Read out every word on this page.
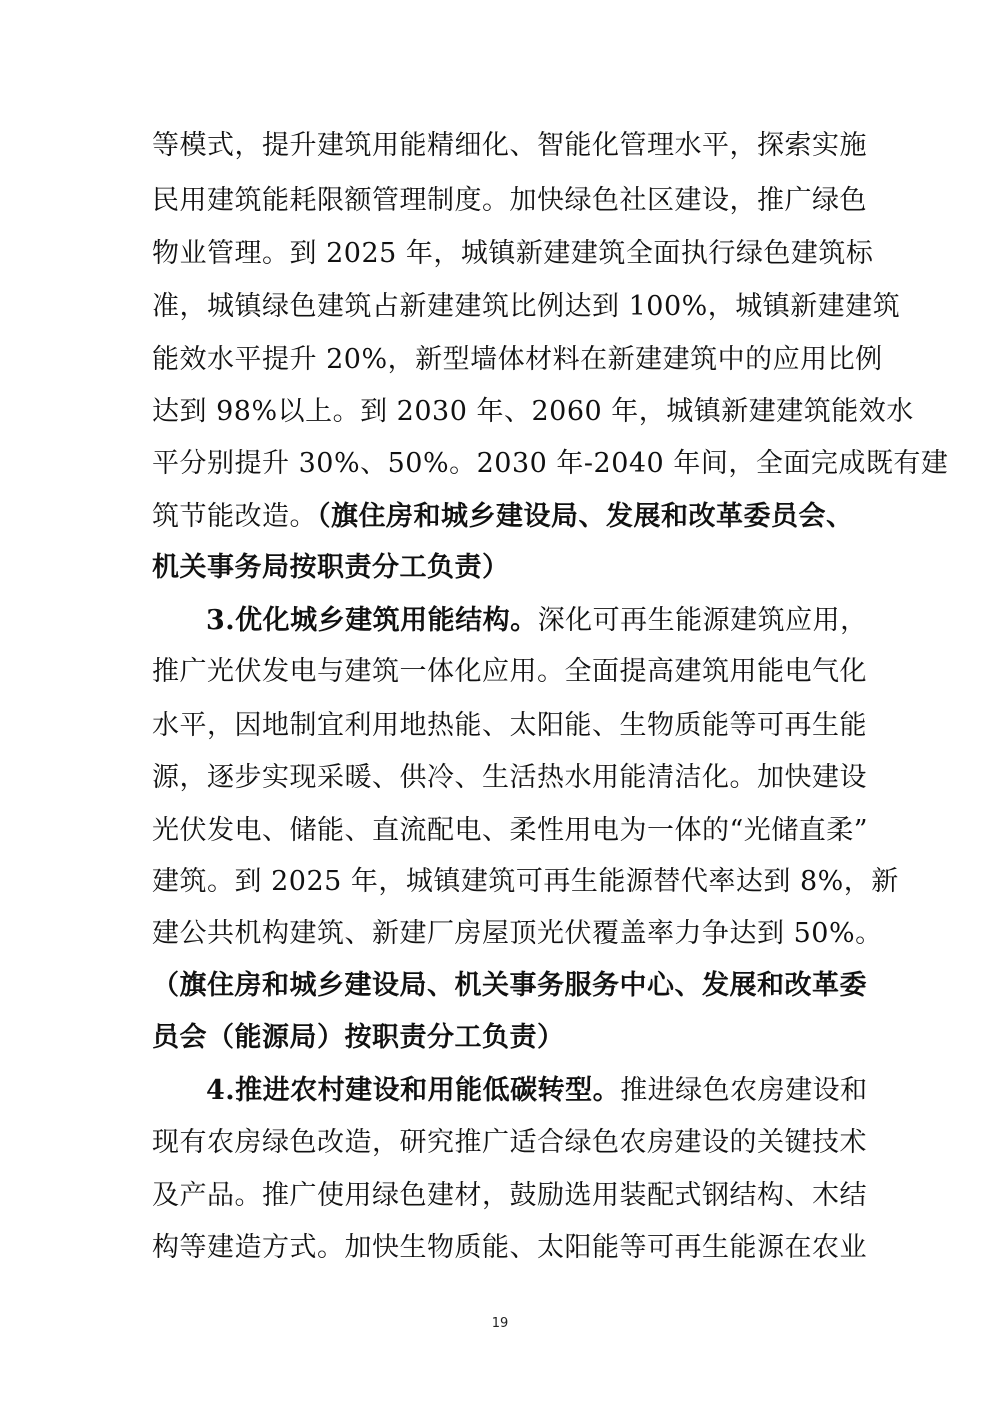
等模式，提升建筑用能精细化、智能化管理水平，探索实施
民用建筑能耗限额管理制度。加快绿色社区建设，推广绿色
物业管理。到 2025 年，城镇新建建筑全面执行绿色建筑标
准，城镇绿色建筑占新建建筑比例达到 100%，城镇新建建筑
能效水平提升 20%，新型墙体材料在新建建筑中的应用比例
达到 98%以上。到 2030 年、2060 年，城镇新建建筑能效水
平分别提升 30%、50%。2030 年-2040 年间，全面完成既有建
筑节能改造。（旗住房和城乡建设局、发展和改革委员会、
机关事务局按职责分工负责）
3.优化城乡建筑用能结构。深化可再生能源建筑应用，
推广光伏发电与建筑一体化应用。全面提高建筑用能电气化
水平，因地制宜利用地热能、太阳能、生物质能等可再生能
源，逐步实现采暖、供冷、生活热水用能清洁化。加快建设
光伏发电、储能、直流配电、柔性用电为一体的“光储直柔”
建筑。到 2025 年，城镇建筑可再生能源替代率达到 8%，新
建公共机构建筑、新建厂房屋顶光伏覆盖率力争达到 50%。
（旗住房和城乡建设局、机关事务服务中心、发展和改革委
员会（能源局）按职责分工负责）
4.推进农村建设和用能低碳转型。推进绿色农房建设和
现有农房绿色改造，研究推广适合绿色农房建设的关键技术
及产品。推广使用绿色建材，鼓励选用装配式钢结构、木结
构等建造方式。加快生物质能、太阳能等可再生能源在农业
19
